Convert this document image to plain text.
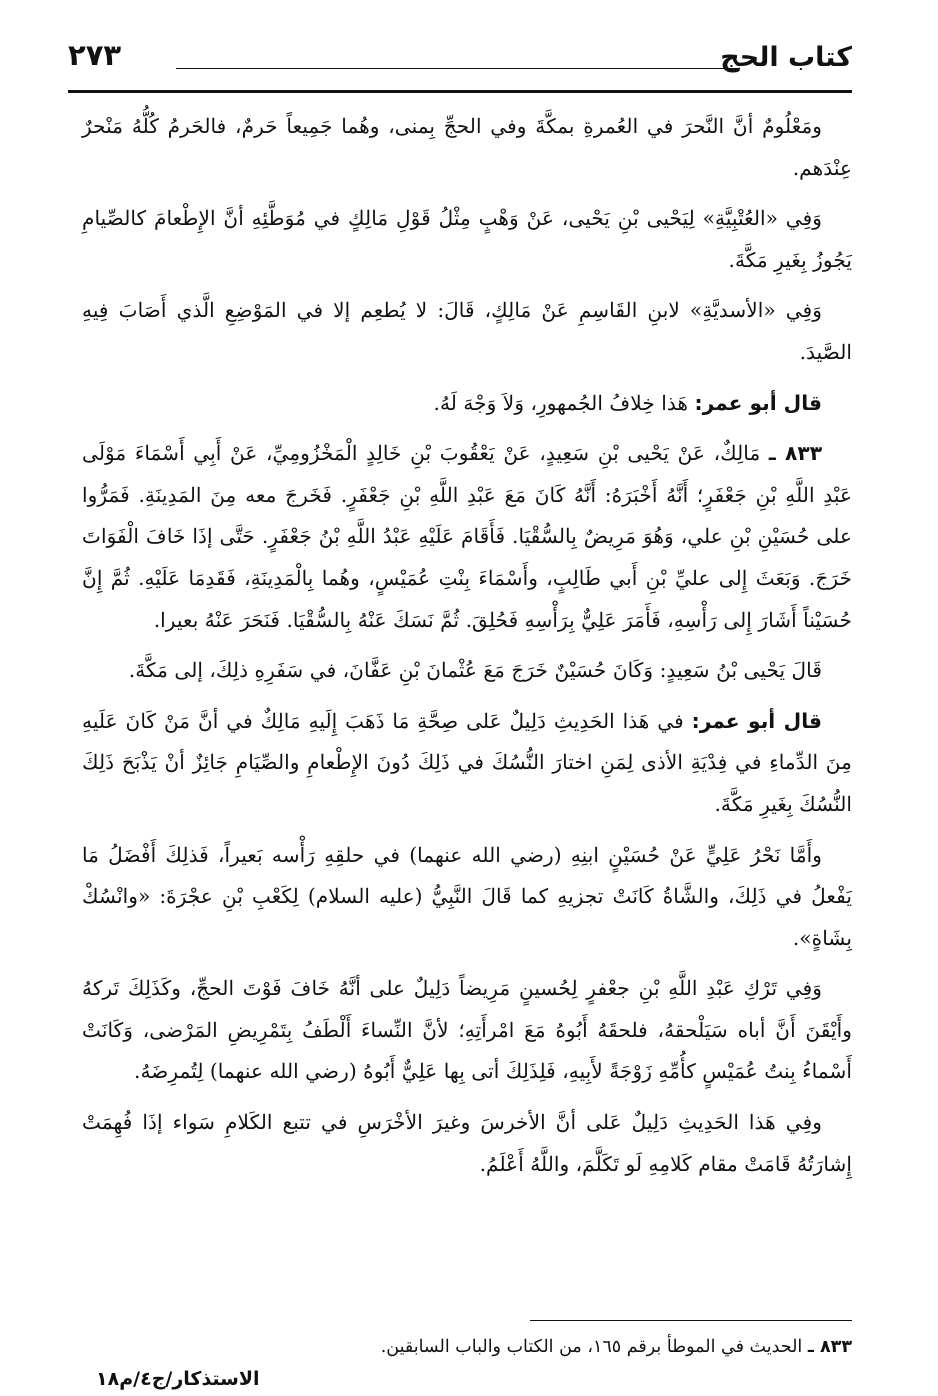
كتاب الحج
٢٧٣

ومَعْلُومٌ أنَّ النَّحرَ في العُمرةِ بمكَّةَ وفي الحجِّ بِمنى، وهُما جَمِيعاً حَرمٌ، فالحَرمُ كُلُّهُ مَنْحرٌ عِنْدَهم.

وَفِي «العُتْبِيَّةِ» لِيَحْيى بْنِ يَحْيى، عَنْ وَهْبٍ مِثْلُ قَوْلِ مَالِكٍ في مُوَطَّئِهِ أنَّ الإِطْعامَ كالصِّيامِ يَجُوزُ بِغَيرِ مَكَّةَ.

وَفِي «الأسديَّةِ» لابنِ القَاسِمِ عَنْ مَالِكٍ، قَالَ: لا يُطعِم إلا في المَوْضِعِ الَّذي أَصَابَ فِيهِ الصَّيدَ.

قال أبو عمر: هَذا خِلافُ الجُمهورِ، وَلاَ وَجْهَ لَهُ.

٨٣٣ ـ مَالِكٌ، عَنْ يَحْيى بْنِ سَعِيدٍ، عَنْ يَعْقُوبَ بْنِ خَالِدٍ الْمَخْزُومِيِّ، عَنْ أَبِي أَسْمَاءَ مَوْلَى عَبْدِ اللَّهِ بْنِ جَعْفَرٍ؛ أَنَّهُ أَخْبَرَهُ: أَنَّهُ كَانَ مَعَ عَبْدِ اللَّهِ بْنِ جَعْفَرٍ. فَخَرجَ معه مِنَ المَدِينَةِ. فَمَرُّوا على حُسَيْنِ بْنِ علي، وَهُوَ مَرِيضٌ بِالسُّقْيَا. فَأَقَامَ عَلَيْهِ عَبْدُ اللَّهِ بْنُ جَعْفَرٍ. حَتَّى إذَا خَافَ الْفَوَاتَ خَرَجَ. وَبَعَثَ إِلى عليِّ بْنِ أَبي طَالِبٍ، وأَسْمَاءَ بِنْتِ عُمَيْسٍ، وهُما بِالْمَدِينَةِ، فَقَدِمَا عَلَيْهِ. ثُمَّ إِنَّ حُسَيْناً أَشَارَ إِلى رَأْسِهِ، فَأَمَرَ عَلِيٌّ بِرَأْسِهِ فَحُلِقَ. ثُمَّ نَسَكَ عَنْهُ بِالسُّقْيَا. فَنَحَرَ عَنْهُ بعيرا.

قَالَ يَحْيى بْنُ سَعِيدٍ: وَكَانَ حُسَيْنٌ خَرَجَ مَعَ عُثْمانَ بْنِ عَفَّانَ، في سَفَرِهِ ذلِكَ، إلى مَكَّةَ.

قال أبو عمر: في هَذا الحَدِيثِ دَلِيلٌ عَلى صِحَّةِ مَا ذَهَبَ إِلَيهِ مَالِكٌ في أنَّ مَنْ كَانَ عَلَيهِ مِنَ الدِّماءِ في فِدْيَةِ الأذى لِمَنِ اختارَ النُّسُكَ في ذَلِكَ دُونَ الإِطْعامِ والصِّيَامِ جَائِزٌ أنْ يَذْبَحَ ذَلِكَ النُّسُكَ بِغَيرِ مَكَّةَ.

وأَمَّا نَحْرُ عَلِيٍّ عَنْ حُسَيْنٍ ابنِهِ (رضي الله عنهما) في حلقِهِ رَأْسه بَعيراً، فَذلِكَ أَفْضَلُ مَا يَفْعلُ في ذَلِكَ، والشَّاةُ كَانَتْ تجزيهِ كما قَالَ النَّبِيُّ (عليه السلام) لِكَعْبِ بْنِ عجْرَةَ: «وانْسُكْ بِشَاةٍ».

وَفِي تَرْكِ عَبْدِ اللَّهِ بْنِ جعْفرٍ لِحُسينٍ مَرِيضاً دَلِيلٌ على أنَّهُ خَافَ فَوْتَ الحجِّ، وكَذَلِكَ تَركهُ وأَيْقَنَ أَنَّ أباه سَيَلْحقهُ، فلحقَهُ أَبُوهُ مَعَ امْرأَتِهِ؛ لأنَّ النِّساءَ أَلْطَفُ بِتَمْرِيضِ المَرْضى، وَكَانَتْ أَسْماءُ بِنتُ عُمَيْسٍ كأُمِّهِ زَوْجَةً لأَبِيهِ، فَلِذَلِكَ أتى بِها عَلِيٌّ أَبُوهُ (رضي الله عنهما) لِتُمرِضَهُ.

وفِي هَذا الحَدِيثِ دَلِيلٌ عَلى أنَّ الأخرسَ وغيرَ الأخْرَسِ في تتبع الكَلامِ سَواء إذَا فُهِمَتْ إِشارَتُهُ قَامَتْ مقام كَلامِهِ لَو تَكَلَّمَ، واللَّهُ أَعْلَمُ.

٨٣٣ ـ الحديث في الموطأ برقم ١٦٥، من الكتاب والباب السابقين.
الاستذكار/ج٤/م١٨
